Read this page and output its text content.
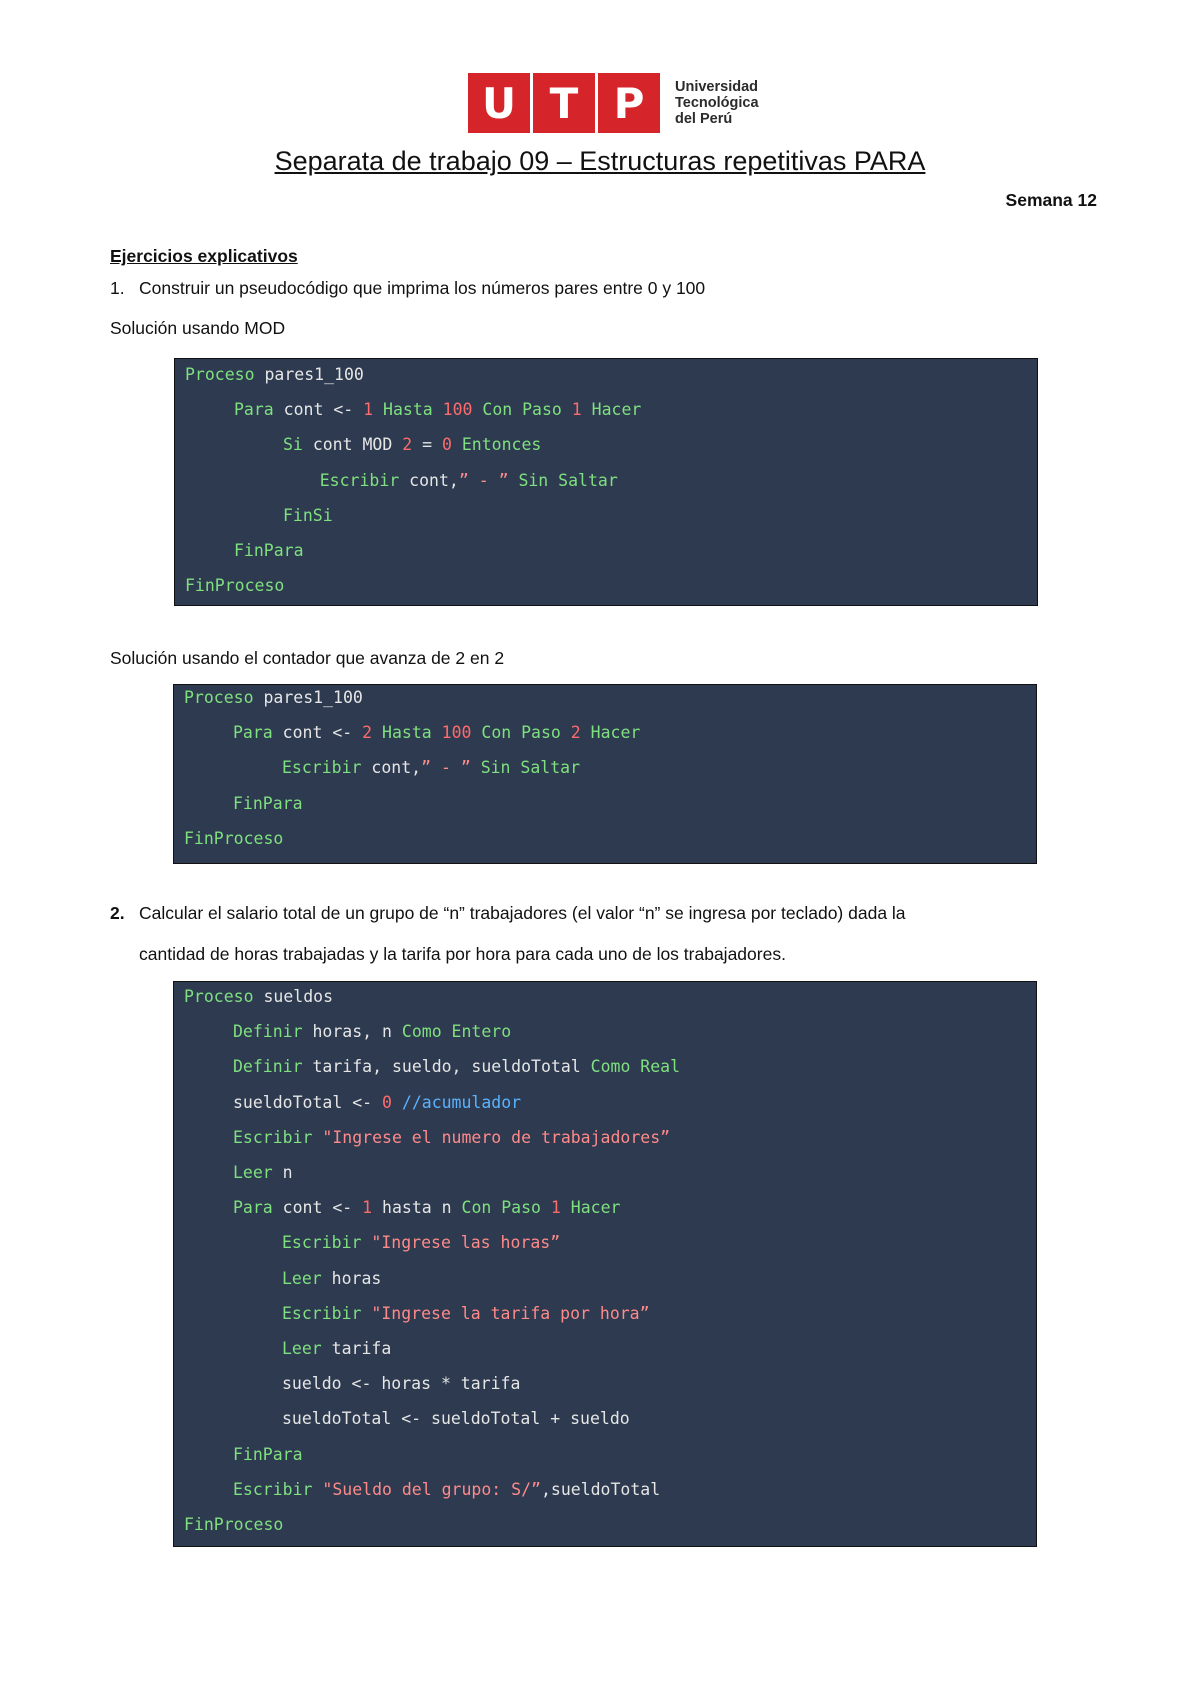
U T P	Universidad
Tecnológica
del Perú
Separata de trabajo 09 – Estructuras repetitivas PARA
Semana 12
Ejercicios explicativos
1. Construir un pseudocódigo que imprima los números pares entre 0 y 100
Solución usando MOD
Proceso pares1_100
Para cont <- 1 Hasta 100 Con Paso 1 Hacer
Si cont MOD 2 = 0 Entonces
Escribir cont,” - ” Sin Saltar
FinSi
FinPara
FinProceso
Solución usando el contador que avanza de 2 en 2
Proceso pares1_100
Para cont <- 2 Hasta 100 Con Paso 2 Hacer
Escribir cont,” - ” Sin Saltar
FinPara
FinProceso
2. Calcular el salario total de un grupo de “n” trabajadores (el valor “n” se ingresa por teclado) dada la
cantidad de horas trabajadas y la tarifa por hora para cada uno de los trabajadores.
Proceso sueldos
Definir horas, n Como Entero
Definir tarifa, sueldo, sueldoTotal Como Real
sueldoTotal <- 0 //acumulador
Escribir "Ingrese el numero de trabajadores”
Leer n
Para cont <- 1 hasta n Con Paso 1 Hacer
Escribir "Ingrese las horas”
Leer horas
Escribir "Ingrese la tarifa por hora”
Leer tarifa
sueldo <- horas * tarifa
sueldoTotal <- sueldoTotal + sueldo
FinPara
Escribir "Sueldo del grupo: S/”,sueldoTotal
FinProceso
